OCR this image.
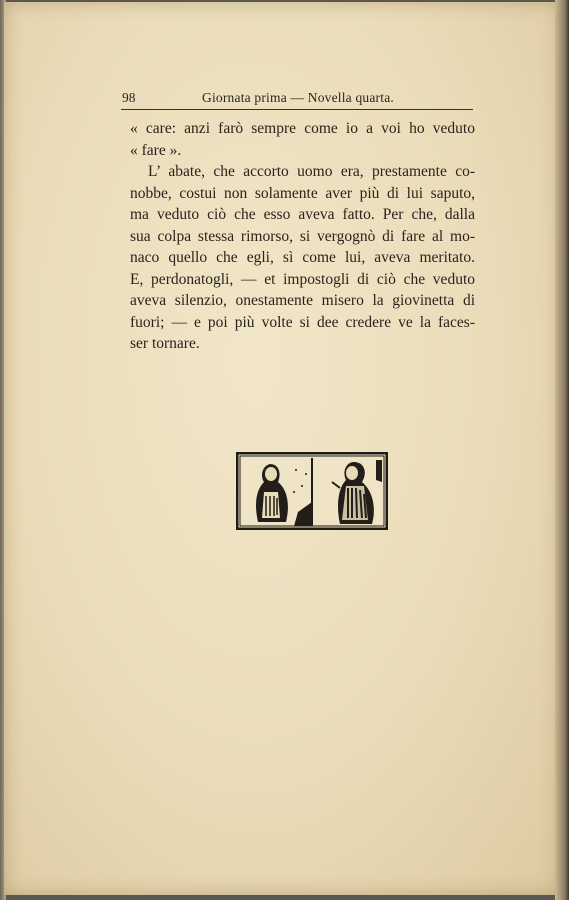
98	Giornata prima — Novella quarta.
« care: anzi farò sempre come io a voi ho veduto
« fare ».
L’ abate, che accorto uomo era, prestamente co-
nobbe, costui non solamente aver più di lui saputo,
ma veduto ciò che esso aveva fatto. Per che, dalla
sua colpa stessa rimorso, si vergognò di fare al mo-
naco quello che egli, sì come lui, aveva meritato.
E, perdonatogli, — et impostogli di ciò che veduto
aveva silenzio, onestamente misero la giovinetta di
fuori; — e poi più volte si dee credere ve la faces-
ser tornare.
